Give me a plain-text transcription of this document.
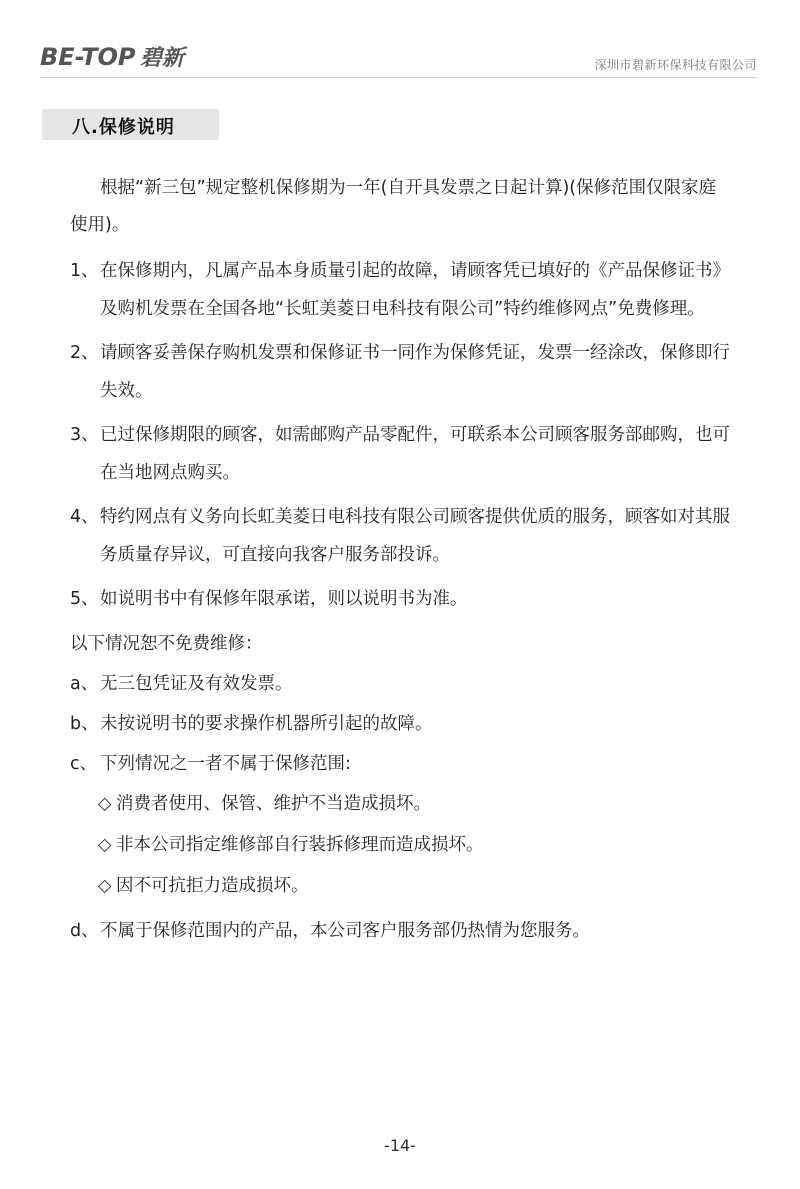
BE-TOP 碧新	深圳市碧新环保科技有限公司
八.保修说明

根据“新三包”规定整机保修期为一年(自开具发票之日起计算)(保修范围仅限家庭使用)。

1、 在保修期内，凡属产品本身质量引起的故障，请顾客凭已填好的《产品保修证书》及购机发票在全国各地“长虹美菱日电科技有限公司”特约维修网点”免费修理。
2、 请顾客妥善保存购机发票和保修证书一同作为保修凭证，发票一经涂改，保修即行失效。
3、 已过保修期限的顾客，如需邮购产品零配件，可联系本公司顾客服务部邮购，也可在当地网点购买。
4、 特约网点有义务向长虹美菱日电科技有限公司顾客提供优质的服务，顾客如对其服务质量存异议，可直接向我客户服务部投诉。
5、 如说明书中有保修年限承诺，则以说明书为准。
以下情况恕不免费维修：
a、 无三包凭证及有效发票。
b、 未按说明书的要求操作机器所引起的故障。
c、 下列情况之一者不属于保修范围:
◇ 消费者使用、保管、维护不当造成损坏。
◇ 非本公司指定维修部自行装拆修理而造成损坏。
◇ 因不可抗拒力造成损坏。
d、 不属于保修范围内的产品，本公司客户服务部仍热情为您服务。
-14-
